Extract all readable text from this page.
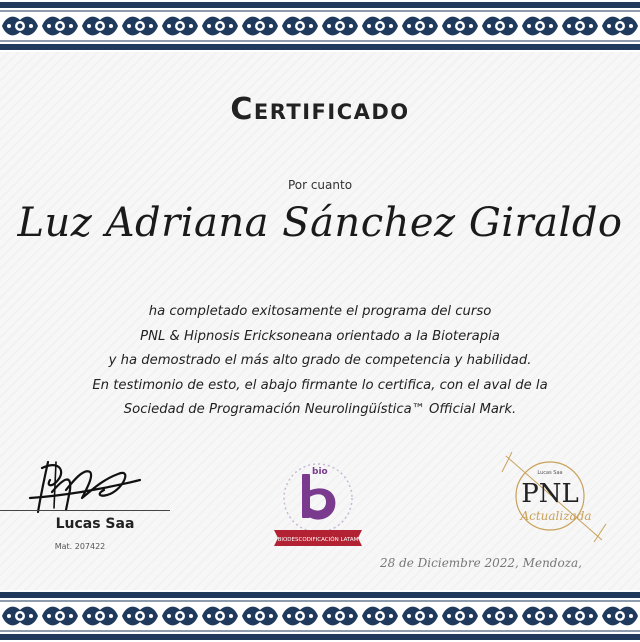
Certificado
Por cuanto
Luz Adriana Sánchez Giraldo
ha completado exitosamente el programa del curso
PNL & Hipnosis Ericksoneana orientado a la Bioterapia
y ha demostrado el más alto grado de competencia y habilidad.
En testimonio de esto, el abajo firmante lo certifica, con el aval de la
Sociedad de Programación Neurolingüística™ Official Mark.
Lucas Saa
Mat. 207422
bio
BIODESCODIFICACIÓN LATAM
Lucas Saa
PNL
Actualizada
28 de Diciembre 2022, Mendoza,
